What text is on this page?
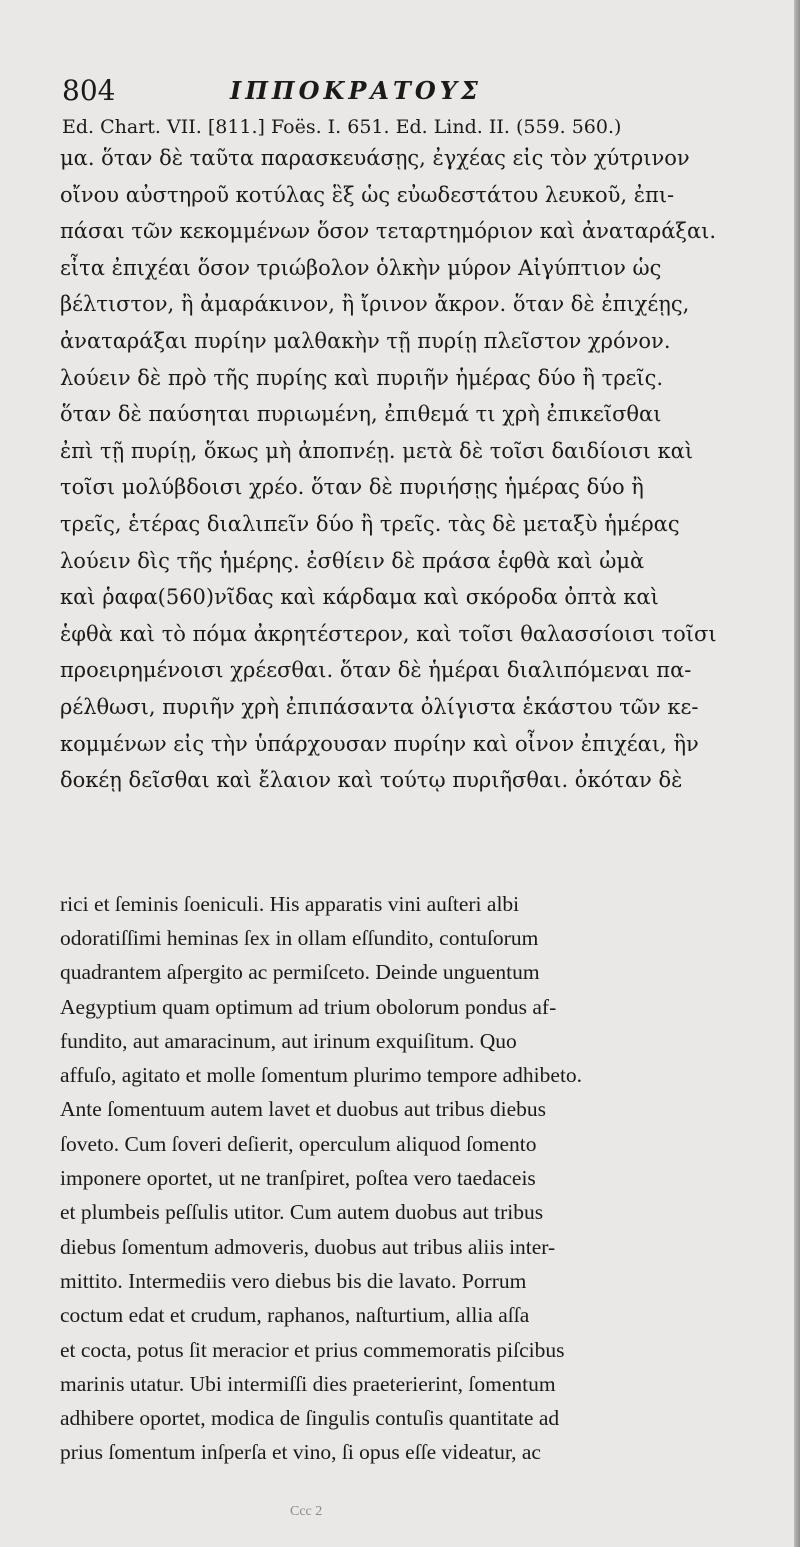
804	ΙΠΠΟΚΡΑΤΟΥΣ
Ed. Chart. VII. [811.] Foës. I. 651. Ed. Lind. II. (559. 560.)
μα. ὅταν δὲ ταῦτα παρασκευάσῃς, ἐγχέας εἰς τὸν χύτρινον
οἴνου αὐστηροῦ κοτύλας ἓξ ὡς εὐωδεστάτου λευκοῦ, ἐπι-
πάσαι τῶν κεκομμένων ὅσον τεταρτημόριον καὶ ἀναταράξαι.
εἶτα ἐπιχέαι ὅσον τριώβολον ὁλκὴν μύρον Αἰγύπτιον ὡς
βέλτιστον, ἢ ἀμαράκινον, ἢ ἴρινον ἄκρον. ὅταν δὲ ἐπιχέῃς,
ἀναταράξαι πυρίην μαλθακὴν τῇ πυρίῃ πλεῖστον χρόνον.
λούειν δὲ πρὸ τῆς πυρίης καὶ πυριῆν ἡμέρας δύο ἢ τρεῖς.
ὅταν δὲ παύσηται πυριωμένη, ἐπιθεμά τι χρὴ ἐπικεῖσθαι
ἐπὶ τῇ πυρίῃ, ὅκως μὴ ἀποπνέῃ. μετὰ δὲ τοῖσι δαιδίοισι καὶ
τοῖσι μολύβδοισι χρέο. ὅταν δὲ πυριήσῃς ἡμέρας δύο ἢ
τρεῖς, ἑτέρας διαλιπεῖν δύο ἢ τρεῖς. τὰς δὲ μεταξὺ ἡμέρας
λούειν δὶς τῆς ἡμέρης. ἐσθίειν δὲ πράσα ἑφθὰ καὶ ὠμὰ
καὶ ῥαφα(560)νῖδας καὶ κάρδαμα καὶ σκόροδα ὀπτὰ καὶ
ἑφθὰ καὶ τὸ πόμα ἀκρητέστερον, καὶ τοῖσι θαλασσίοισι τοῖσι
προειρημένοισι χρέεσθαι. ὅταν δὲ ἡμέραι διαλιπόμεναι πα-
ρέλθωσι, πυριῆν χρὴ ἐπιπάσαντα ὀλίγιστα ἑκάστου τῶν κε-
κομμένων εἰς τὴν ὑπάρχουσαν πυρίην καὶ οἶνον ἐπιχέαι, ἣν
δοκέῃ δεῖσθαι καὶ ἔλαιον καὶ τούτῳ πυριῆσθαι. ὁκόταν δὲ
rici et ſeminis ſoeniculi. His apparatis vini auſteri albi
odoratiſſimi heminas ſex in ollam eſſundito, contuſorum
quadrantem aſpergito ac permiſceto. Deinde unguentum
Aegyptium quam optimum ad trium obolorum pondus af-
fundito, aut amaracinum, aut irinum exquiſitum. Quo
affuſo, agitato et molle ſomentum plurimo tempore adhibeto.
Ante ſomentuum autem lavet et duobus aut tribus diebus
ſoveto. Cum ſoveri deſierit, operculum aliquod ſomento
imponere oportet, ut ne tranſpiret, poſtea vero taedaceis
et plumbeis peſſulis utitor. Cum autem duobus aut tribus
diebus ſomentum admoveris, duobus aut tribus aliis inter-
mittito. Intermediis vero diebus bis die lavato. Porrum
coctum edat et crudum, raphanos, naſturtium, allia aſſa
et cocta, potus ſit meracior et prius commemoratis piſcibus
marinis utatur. Ubi intermiſſi dies praeterierint, ſomentum
adhibere oportet, modica de ſingulis contuſis quantitate ad
prius ſomentum inſperſa et vino, ſi opus eſſe videatur, ac
Ccc 2
